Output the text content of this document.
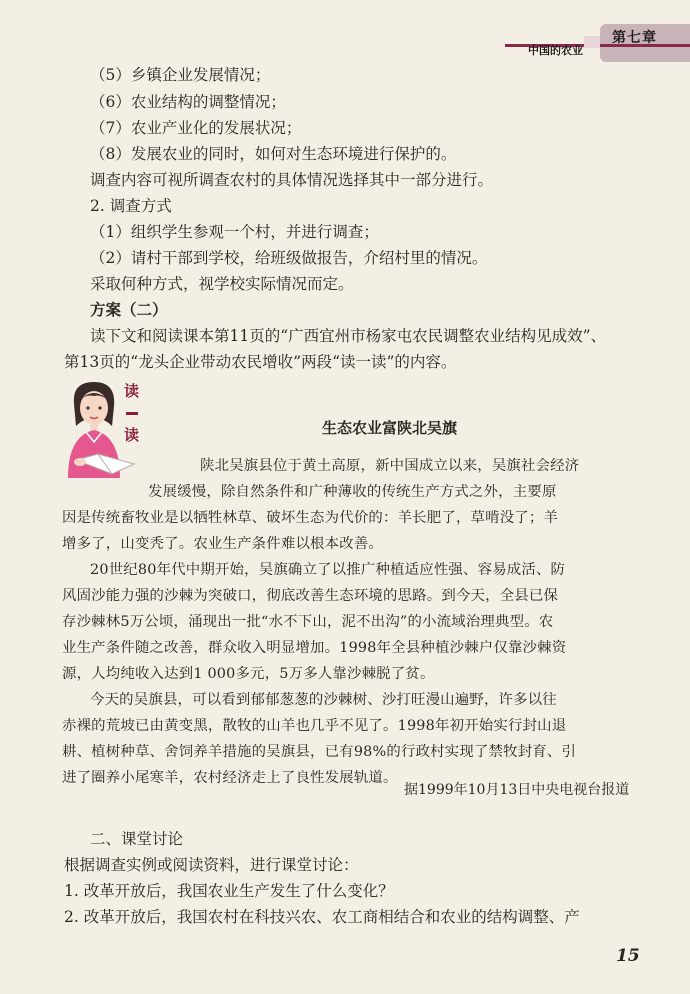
第七章
中国的农业
（5）乡镇企业发展情况；
（6）农业结构的调整情况；
（7）农业产业化的发展状况；
（8）发展农业的同时，如何对生态环境进行保护的。
调查内容可视所调查农村的具体情况选择其中一部分进行。
2. 调查方式
（1）组织学生参观一个村，并进行调查；
（2）请村干部到学校，给班级做报告，介绍村里的情况。
采取何种方式，视学校实际情况而定。
方案（二）
读下文和阅读课本第11页的“广西宜州市杨家屯农民调整农业结构见成效”、
第13页的“龙头企业带动农民增收”两段“读一读”的内容。
读
读	生态农业富陕北吴旗
陕北吴旗县位于黄土高原，新中国成立以来，吴旗社会经济
发展缓慢，除自然条件和广种薄收的传统生产方式之外，主要原
因是传统畜牧业是以牺牲林草、破坏生态为代价的：羊长肥了，草啃没了；羊
增多了，山变秃了。农业生产条件难以根本改善。
20世纪80年代中期开始，吴旗确立了以推广种植适应性强、容易成活、防
风固沙能力强的沙棘为突破口，彻底改善生态环境的思路。到今天，全县已保
存沙棘林5万公顷，涌现出一批“水不下山，泥不出沟”的小流域治理典型。农
业生产条件随之改善，群众收入明显增加。1998年全县种植沙棘户仅靠沙棘资
源，人均纯收入达到1 000多元，5万多人靠沙棘脱了贫。
今天的吴旗县，可以看到郁郁葱葱的沙棘树、沙打旺漫山遍野，许多以往
赤裸的荒坡已由黄变黑，散牧的山羊也几乎不见了。1998年初开始实行封山退
耕、植树种草、舍饲养羊措施的吴旗县，已有98%的行政村实现了禁牧封育、引
进了圈养小尾寒羊，农村经济走上了良性发展轨道。
据1999年10月13日中央电视台报道
二、课堂讨论
根据调查实例或阅读资料，进行课堂讨论：
1. 改革开放后，我国农业生产发生了什么变化？
2. 改革开放后，我国农村在科技兴农、农工商相结合和农业的结构调整、产
15
